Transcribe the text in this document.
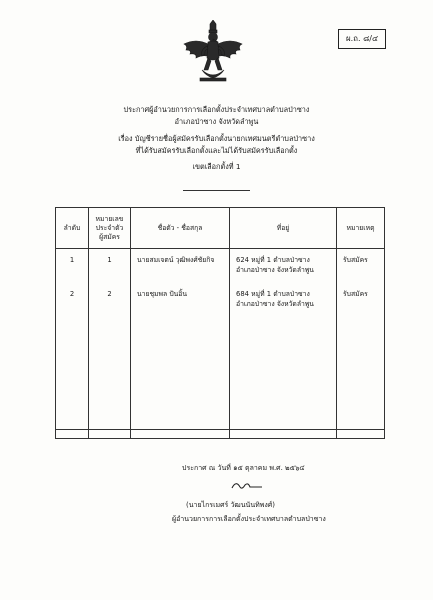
ผ.ถ. ๘/๔
ประกาศผู้อำนวยการการเลือกตั้งประจำเทศบาลตำบลป่าซาง
อำเภอป่าซาง จังหวัดลำพูน
เรื่อง บัญชีรายชื่อผู้สมัครรับเลือกตั้งนายกเทศมนตรีตำบลป่าซาง
ที่ได้รับสมัครรับเลือกตั้งและไม่ได้รับสมัครรับเลือกตั้ง
เขตเลือกตั้งที่ 1
ลำดับ	หมายเลข
ประจำตัว
ผู้สมัคร	ชื่อตัว - ชื่อสกุล	ที่อยู่	หมายเหตุ
1	1	นายสมเจตน์ วุฒิพงศ์ชัยกิจ	624 หมู่ที่ 1 ตำบลป่าซาง
อำเภอป่าซาง จังหวัดลำพูน	รับสมัคร
2	2	นายชุมพล ปันอิ้น	684 หมู่ที่ 1 ตำบลป่าซาง
อำเภอป่าซาง จังหวัดลำพูน	รับสมัคร

ประกาศ ณ วันที่ ๑๕ ตุลาคม พ.ศ. ๒๕๖๔
(นายไกรเมศร์ วัฒนนันทิพงศ์)
ผู้อำนวยการการเลือกตั้งประจำเทศบาลตำบลป่าซาง
